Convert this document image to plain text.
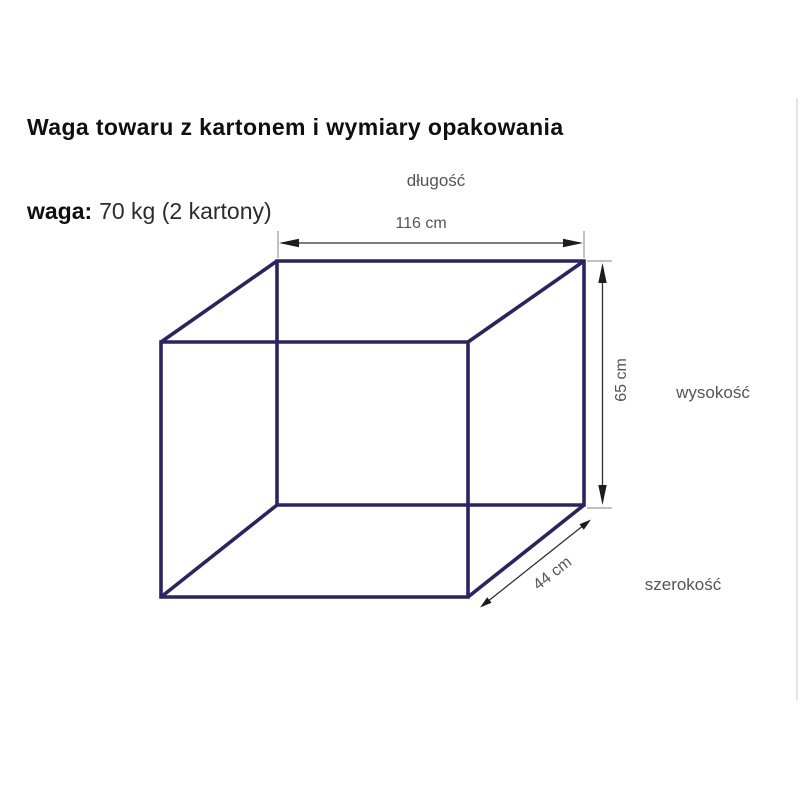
Waga towaru z kartonem i wymiary opakowania

waga: 70 kg (2 kartony)

długość
116 cm
65 cm	wysokość
44 cm	szerokość
